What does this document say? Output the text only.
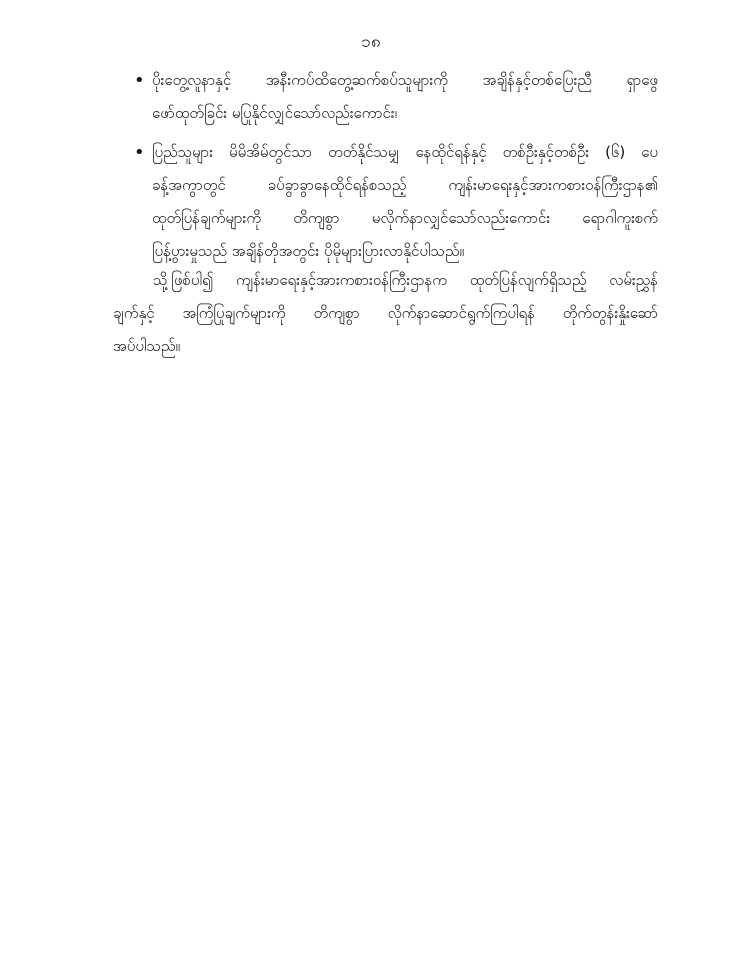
၁၈
• ပိုးတွေ့လူနာနှင့် အနီးကပ်ထိတွေ့ဆက်စပ်သူများကို အချိန်နှင့်တစ်ပြေးညီ ရှာဖွေ
ဖော်ထုတ်ခြင်း မပြုနိုင်လျှင်သော်လည်းကောင်း၊
• ပြည်သူများ မိမိအိမ်တွင်သာ တတ်နိုင်သမျှ နေထိုင်ရန်နှင့် တစ်ဦးနှင့်တစ်ဦး (၆) ပေ
ခန့်အကွာတွင် ခပ်ခွာခွာနေထိုင်ရန်စသည့် ကျန်းမာရေးနှင့်အားကစားဝန်ကြီးဌာန၏
ထုတ်ပြန်ချက်များကို တိကျစွာ မလိုက်နာလျှင်သော်လည်းကောင်း ရောဂါကူးစက်
ပြန့်ပွားမှုသည် အချိန်တိုအတွင်း ပိုမိုများပြားလာနိုင်ပါသည်။
သို့ဖြစ်ပါ၍ ကျန်းမာရေးနှင့်အားကစားဝန်ကြီးဌာနက ထုတ်ပြန်လျက်ရှိသည့် လမ်းညွှန်
ချက်နှင့် အကြံပြုချက်များကို တိကျစွာ လိုက်နာဆောင်ရွက်ကြပါရန် တိုက်တွန်းနှိုးဆော်
အပ်ပါသည်။
